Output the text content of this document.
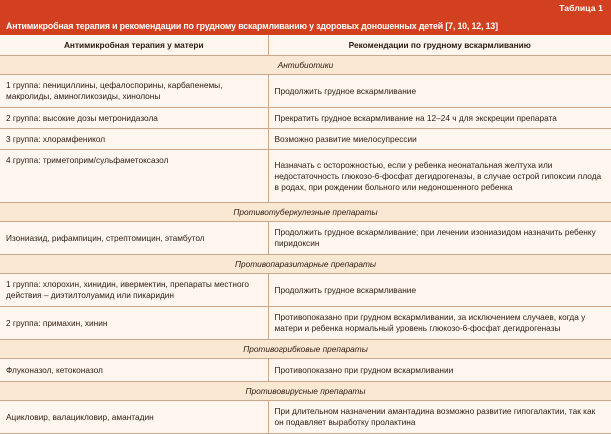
Таблица 1
Антимикробная терапия и рекомендации по грудному вскармливанию у здоровых доношенных детей [7, 10, 12, 13]
Антимикробная терапия у матери	Рекомендации по грудному вскармливанию
Антибиотики	
1 группа: пенициллины, цефалоспорины, карбапенемы, макролиды, аминогликозиды, хинолоны	Продолжить грудное вскармливание
2 группа: высокие дозы метронидазола	Прекратить грудное вскармливание на 12–24 ч для экскреции препарата
3 группа: хлорамфеникол	Возможно развитие миелосупрессии
4 группа: триметоприм/сульфаметоксазол	Назначать с осторожностью, если у ребенка неонатальная желтуха или недостаточность глюкозо-6-фосфат дегидрогеназы, в случае острой гипоксии плода в родах, при рождении больного или недоношенного ребенка
Противотуберкулезные препараты	
Изониазид, рифампицин, стрептомицин, этамбутол	Продолжить грудное вскармливание; при лечении изониазидом назначить ребенку пиридоксин
Противопаразитарные препараты	
1 группа: хлорохин, хинидин, ивермектин, препараты местного действия – диэтилтолуамид или пикаридин	Продолжить грудное вскармливание
2 группа: примахин, хинин	Противопоказано при грудном вскармливании, за исключением случаев, когда у матери и ребенка нормальный уровень глюкозо-6-фосфат дегидрогеназы
Противогрибковые препараты	
Флуконазол, кетоконазол	Противопоказано при грудном вскармливании
Противовирусные препараты	
Ацикловир, валацикловир, амантадин	При длительном назначении амантадина возможно развитие гипогалактии, так как он подавляет выработку пролактина
